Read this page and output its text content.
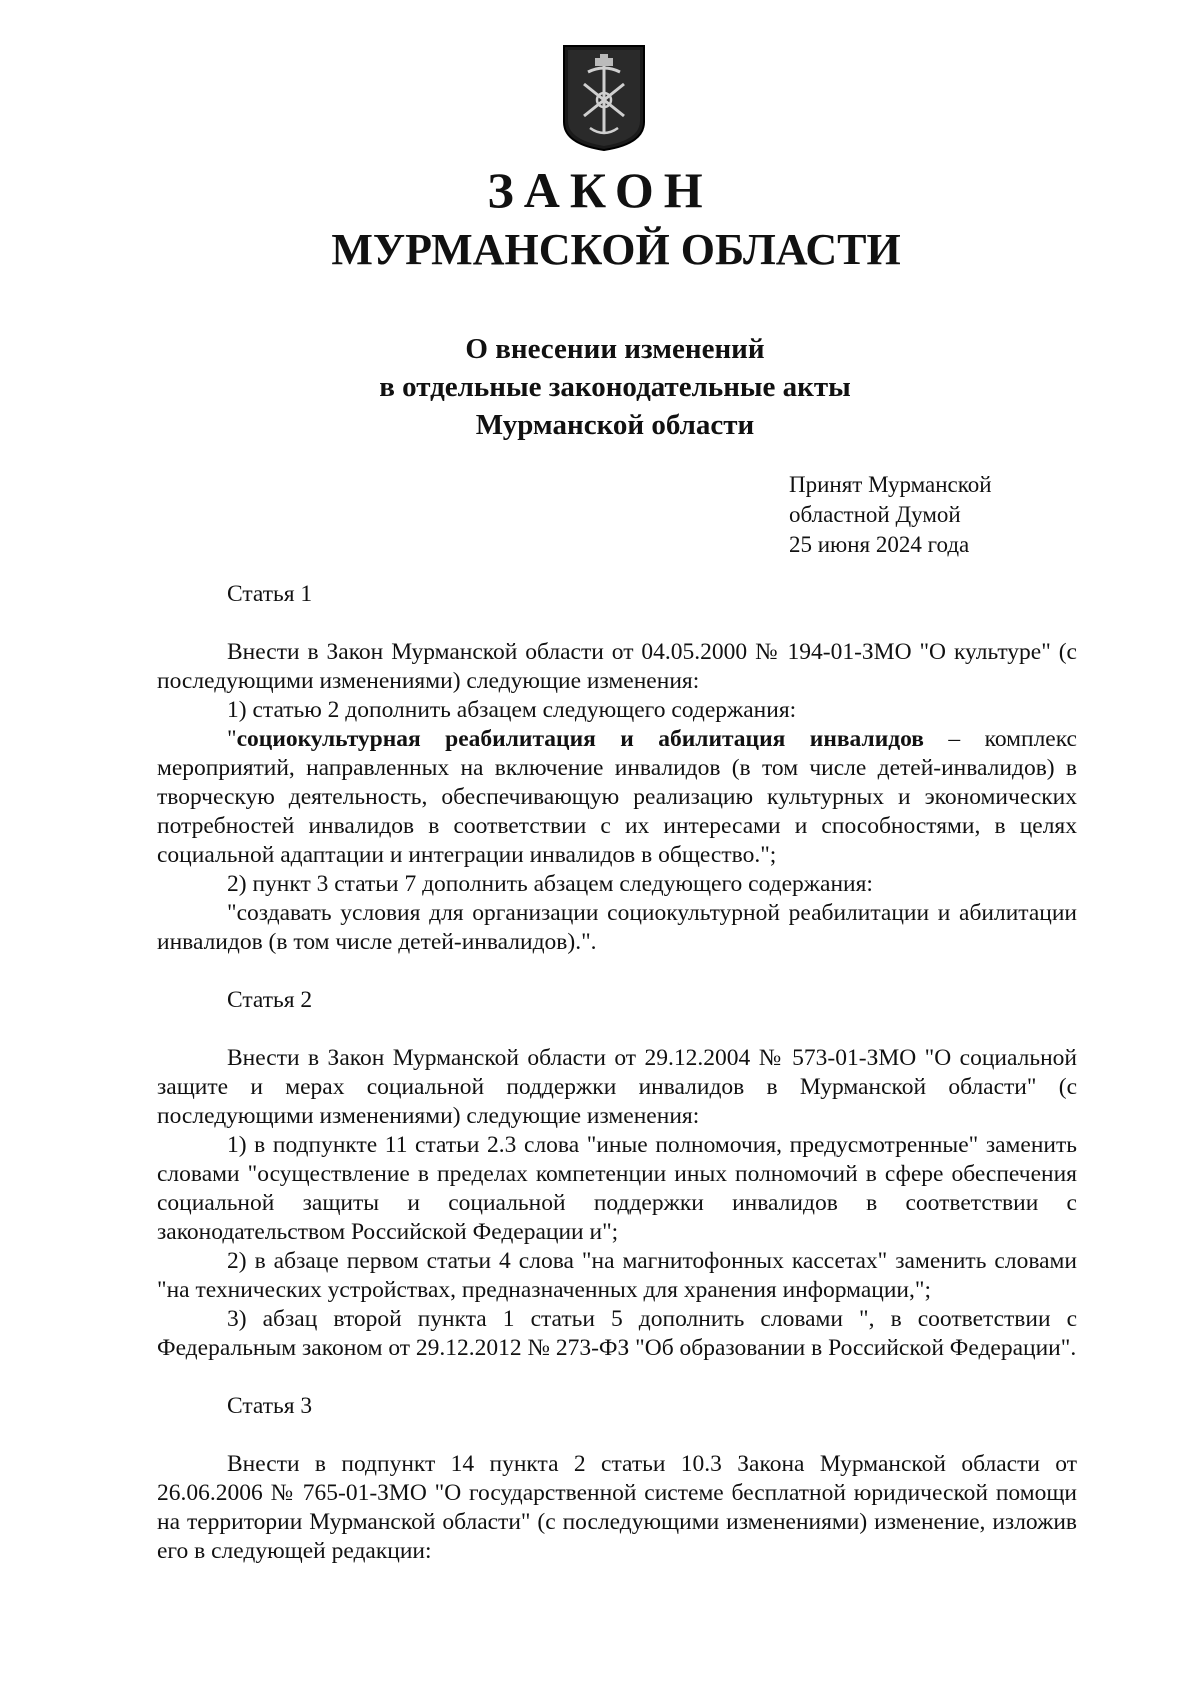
ЗАКОН
МУРМАНСКОЙ ОБЛАСТИ
О внесении изменений
в отдельные законодательные акты
Мурманской области
Принят Мурманской
областной Думой
25 июня 2024 года
Статья 1

Внести в Закон Мурманской области от 04.05.2000 № 194-01-ЗМО "О культуре" (с последующими изменениями) следующие изменения:

1) статью 2 дополнить абзацем следующего содержания:

"социокультурная реабилитация и абилитация инвалидов – комплекс мероприятий, направленных на включение инвалидов (в том числе детей-инвалидов) в творческую деятельность, обеспечивающую реализацию культурных и экономических потребностей инвалидов в соответствии с их интересами и способностями, в целях социальной адаптации и интеграции инвалидов в общество.";

2) пункт 3 статьи 7 дополнить абзацем следующего содержания:

"создавать условия для организации социокультурной реабилитации и абилитации инвалидов (в том числе детей-инвалидов).".

Статья 2

Внести в Закон Мурманской области от 29.12.2004 № 573-01-ЗМО "О социальной защите и мерах социальной поддержки инвалидов в Мурманской области" (с последующими изменениями) следующие изменения:

1) в подпункте 11 статьи 2.3 слова "иные полномочия, предусмотренные" заменить словами "осуществление в пределах компетенции иных полномочий в сфере обеспечения социальной защиты и социальной поддержки инвалидов в соответствии с законодательством Российской Федерации и";

2) в абзаце первом статьи 4 слова "на магнитофонных кассетах" заменить словами "на технических устройствах, предназначенных для хранения информации,";

3) абзац второй пункта 1 статьи 5 дополнить словами ", в соответствии с Федеральным законом от 29.12.2012 № 273-ФЗ "Об образовании в Российской Федерации".

Статья 3

Внести в подпункт 14 пункта 2 статьи 10.3 Закона Мурманской области от 26.06.2006 № 765-01-ЗМО "О государственной системе бесплатной юридической помощи на территории Мурманской области" (с последующими изменениями) изменение, изложив его в следующей редакции:
